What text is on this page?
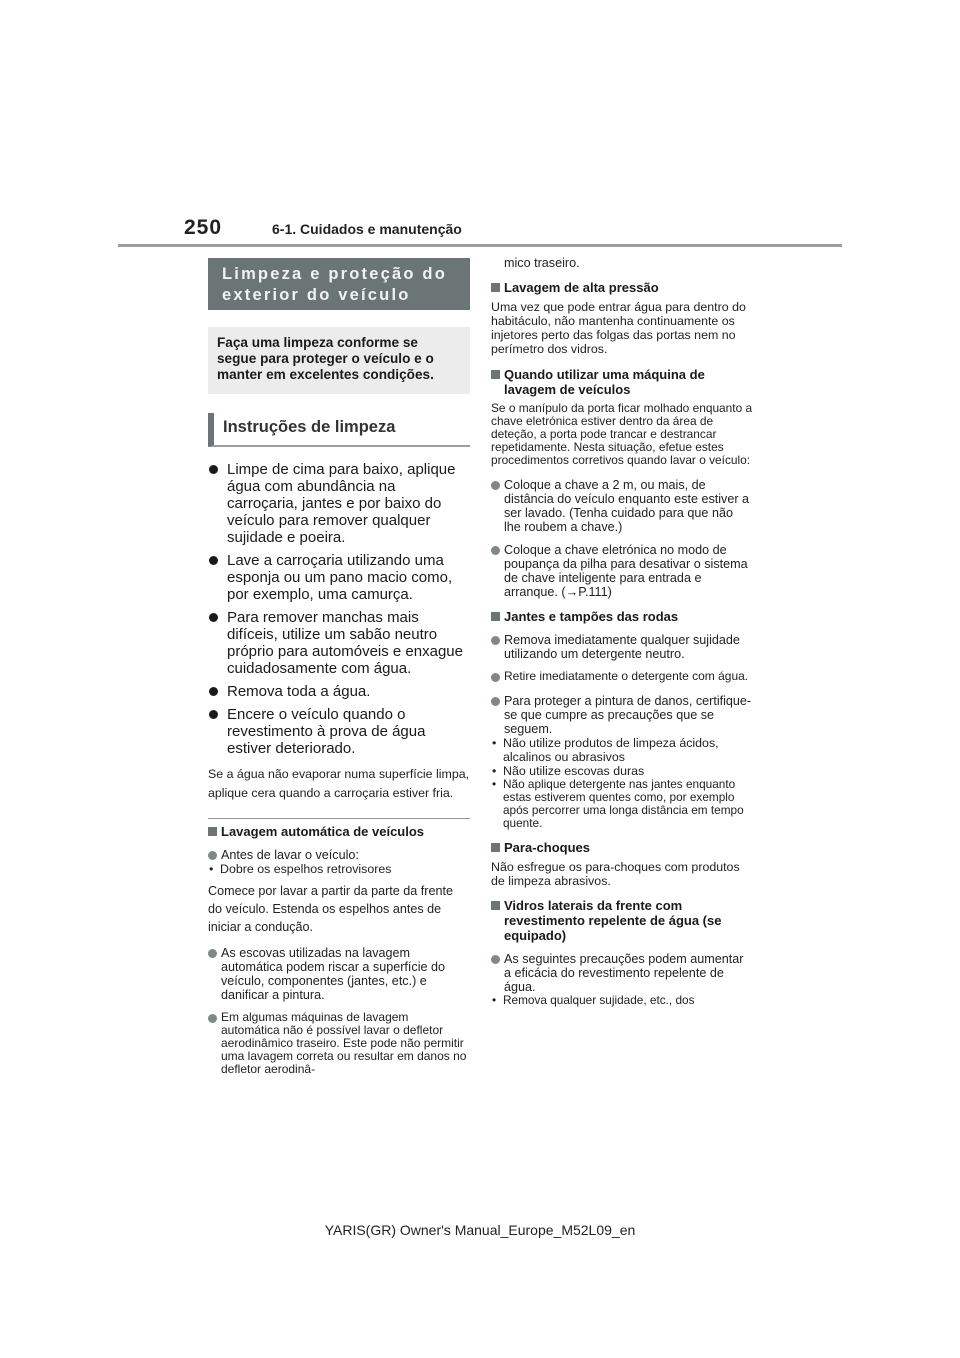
250	6-1. Cuidados e manutenção
Limpeza e proteção do exterior do veículo
Faça uma limpeza conforme se segue para proteger o veículo e o manter em excelentes condições.
Instruções de limpeza
Limpe de cima para baixo, aplique água com abundância na carroçaria, jantes e por baixo do veículo para remover qualquer sujidade e poeira.
Lave a carroçaria utilizando uma esponja ou um pano macio como, por exemplo, uma camurça.
Para remover manchas mais difíceis, utilize um sabão neutro próprio para automóveis e enxague cuidadosamente com água.
Remova toda a água.
Encere o veículo quando o revestimento à prova de água estiver deteriorado.
Se a água não evaporar numa superfície limpa, aplique cera quando a carroçaria estiver fria.
Lavagem automática de veículos
Antes de lavar o veículo:
• Dobre os espelhos retrovisores
Comece por lavar a partir da parte da frente do veículo. Estenda os espelhos antes de iniciar a condução.
As escovas utilizadas na lavagem automática podem riscar a superfície do veículo, componentes (jantes, etc.) e danificar a pintura.
Em algumas máquinas de lavagem automática não é possível lavar o defletor aerodinâmico traseiro. Este pode não permitir uma lavagem correta ou resultar em danos no defletor aerodinâ-
mico traseiro.
Lavagem de alta pressão
Uma vez que pode entrar água para dentro do habitáculo, não mantenha continuamente os injetores perto das folgas das portas nem no perímetro dos vidros.
Quando utilizar uma máquina de lavagem de veículos
Se o manípulo da porta ficar molhado enquanto a chave eletrónica estiver dentro da área de deteção, a porta pode trancar e destrancar repetidamente. Nesta situação, efetue estes procedimentos corretivos quando lavar o veículo:
Coloque a chave a 2 m, ou mais, de distância do veículo enquanto este estiver a ser lavado. (Tenha cuidado para que não lhe roubem a chave.)
Coloque a chave eletrónica no modo de poupança da pilha para desativar o sistema de chave inteligente para entrada e arranque. (→P.111)
Jantes e tampões das rodas
Remova imediatamente qualquer sujidade utilizando um detergente neutro.
Retire imediatamente o detergente com água.
Para proteger a pintura de danos, certifique-se que cumpre as precauções que se seguem.
• Não utilize produtos de limpeza ácidos, alcalinos ou abrasivos
• Não utilize escovas duras
• Não aplique detergente nas jantes enquanto estas estiverem quentes como, por exemplo após percorrer uma longa distância em tempo quente.
Para-choques
Não esfregue os para-choques com produtos de limpeza abrasivos.
Vidros laterais da frente com revestimento repelente de água (se equipado)
As seguintes precauções podem aumentar a eficácia do revestimento repelente de água.
• Remova qualquer sujidade, etc., dos
YARIS(GR) Owner's Manual_Europe_M52L09_en
